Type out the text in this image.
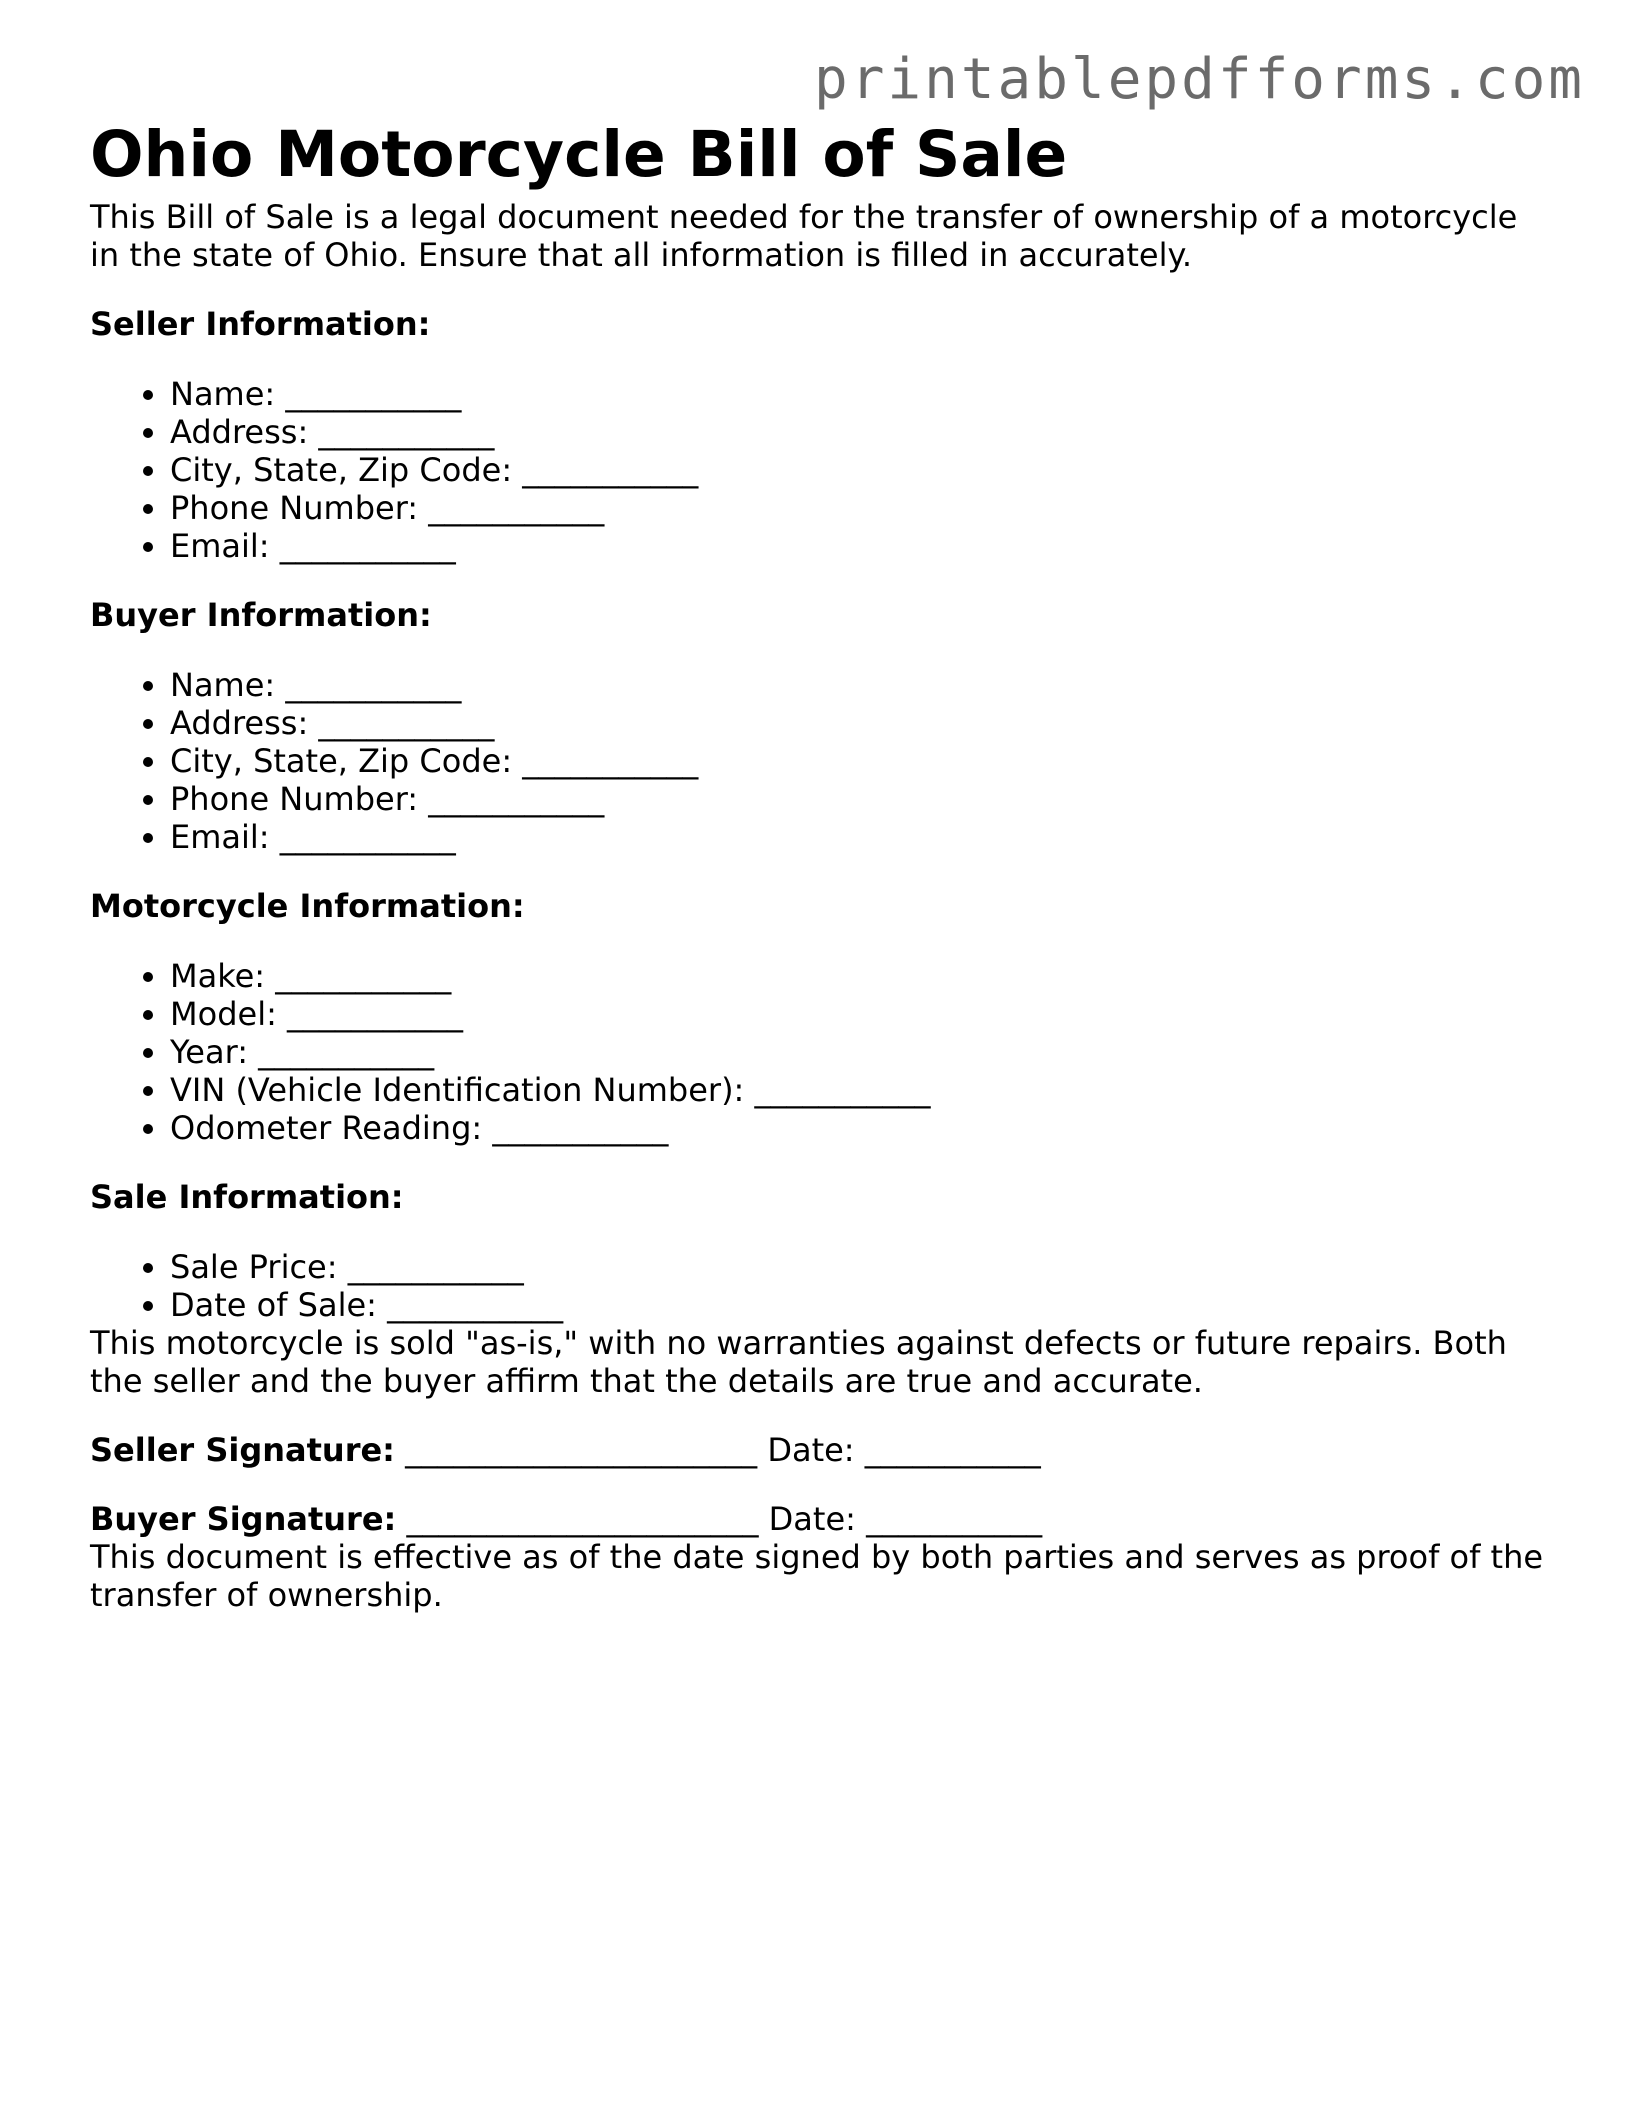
printablepdfforms.com
Ohio Motorcycle Bill of Sale

This Bill of Sale is a legal document needed for the transfer of ownership of a motorcycle in the state of Ohio. Ensure that all information is filled in accurately.

Seller Information:
• Name: ___________
• Address: ___________
• City, State, Zip Code: ___________
• Phone Number: ___________
• Email: ___________
Buyer Information:
• Name: ___________
• Address: ___________
• City, State, Zip Code: ___________
• Phone Number: ___________
• Email: ___________
Motorcycle Information:
• Make: ___________
• Model: ___________
• Year: ___________
• VIN (Vehicle Identification Number): ___________
• Odometer Reading: ___________
Sale Information:
• Sale Price: ___________
• Date of Sale: ___________

This motorcycle is sold "as-is," with no warranties against defects or future repairs. Both the seller and the buyer affirm that the details are true and accurate.

Seller Signature: ______________________ Date: ___________
Buyer Signature: ______________________ Date: ___________

This document is effective as of the date signed by both parties and serves as proof of the transfer of ownership.
